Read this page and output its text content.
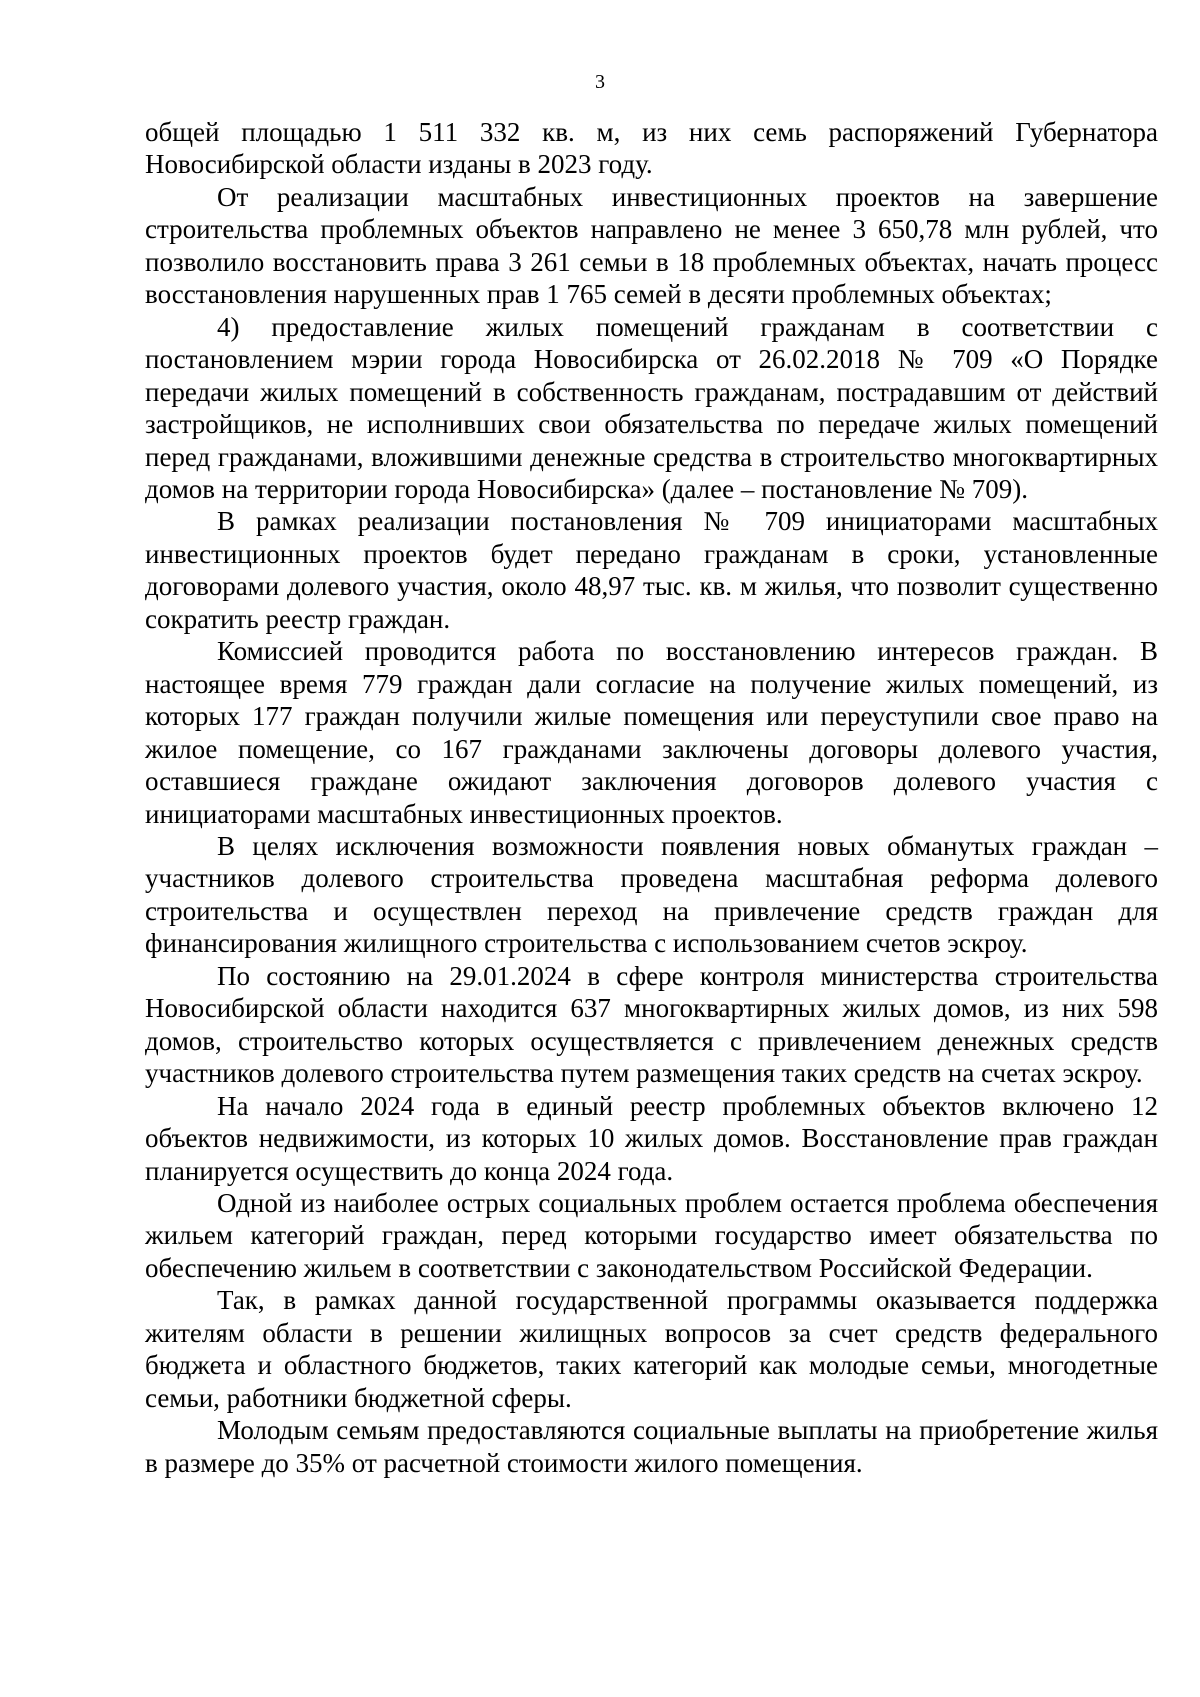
3

общей площадью 1 511 332 кв. м, из них семь распоряжений Губернатора Новосибирской области изданы в 2023 году.

От реализации масштабных инвестиционных проектов на завершение строительства проблемных объектов направлено не менее 3 650,78 млн рублей, что позволило восстановить права 3 261 семьи в 18 проблемных объектах, начать процесс восстановления нарушенных прав 1 765 семей в десяти проблемных объектах;

4) предоставление жилых помещений гражданам в соответствии с постановлением мэрии города Новосибирска от 26.02.2018 № 709 «О Порядке передачи жилых помещений в собственность гражданам, пострадавшим от действий застройщиков, не исполнивших свои обязательства по передаче жилых помещений перед гражданами, вложившими денежные средства в строительство многоквартирных домов на территории города Новосибирска» (далее – постановление № 709).

В рамках реализации постановления № 709 инициаторами масштабных инвестиционных проектов будет передано гражданам в сроки, установленные договорами долевого участия, около 48,97 тыс. кв. м жилья, что позволит существенно сократить реестр граждан.

Комиссией проводится работа по восстановлению интересов граждан. В настоящее время 779 граждан дали согласие на получение жилых помещений, из которых 177 граждан получили жилые помещения или переуступили свое право на жилое помещение, со 167 гражданами заключены договоры долевого участия, оставшиеся граждане ожидают заключения договоров долевого участия с инициаторами масштабных инвестиционных проектов.

В целях исключения возможности появления новых обманутых граждан – участников долевого строительства проведена масштабная реформа долевого строительства и осуществлен переход на привлечение средств граждан для финансирования жилищного строительства с использованием счетов эскроу.

По состоянию на 29.01.2024 в сфере контроля министерства строительства Новосибирской области находится 637 многоквартирных жилых домов, из них 598 домов, строительство которых осуществляется с привлечением денежных средств участников долевого строительства путем размещения таких средств на счетах эскроу.

На начало 2024 года в единый реестр проблемных объектов включено 12 объектов недвижимости, из которых 10 жилых домов. Восстановление прав граждан планируется осуществить до конца 2024 года.

Одной из наиболее острых социальных проблем остается проблема обеспечения жильем категорий граждан, перед которыми государство имеет обязательства по обеспечению жильем в соответствии с законодательством Российской Федерации.

Так, в рамках данной государственной программы оказывается поддержка жителям области в решении жилищных вопросов за счет средств федерального бюджета и областного бюджетов, таких категорий как молодые семьи, многодетные семьи, работники бюджетной сферы.

Молодым семьям предоставляются социальные выплаты на приобретение жилья в размере до 35% от расчетной стоимости жилого помещения.
